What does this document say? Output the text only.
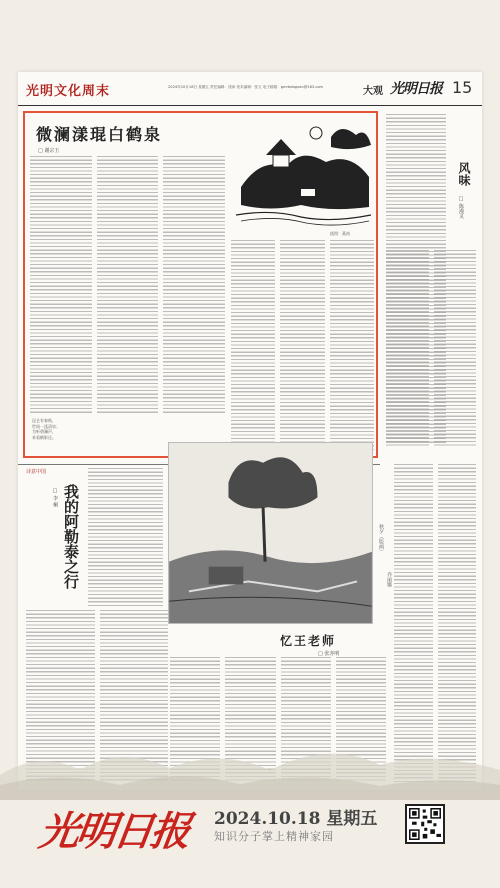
光明文化周末	2024年10月18日 星期五 责任编辑：饶沛 美术编辑：张文 电子邮箱：gmrbdaguan@163.com	大观 光明日报 15
微澜漾琨白鹤泉
□ 谢宗玉
昆仑有春秋，
世间一泓清泉；
为听碧澜声，
来看鹤影还。
插图：燕南
风味
□ 陈漫灵
诗意中国
我的阿勒泰之行
□ 李 桐
秋夕（版画）
乔丽娜
忆王老师
□ 张亦明
光明日报 2024.10.18 星期五
知识分子掌上精神家园
